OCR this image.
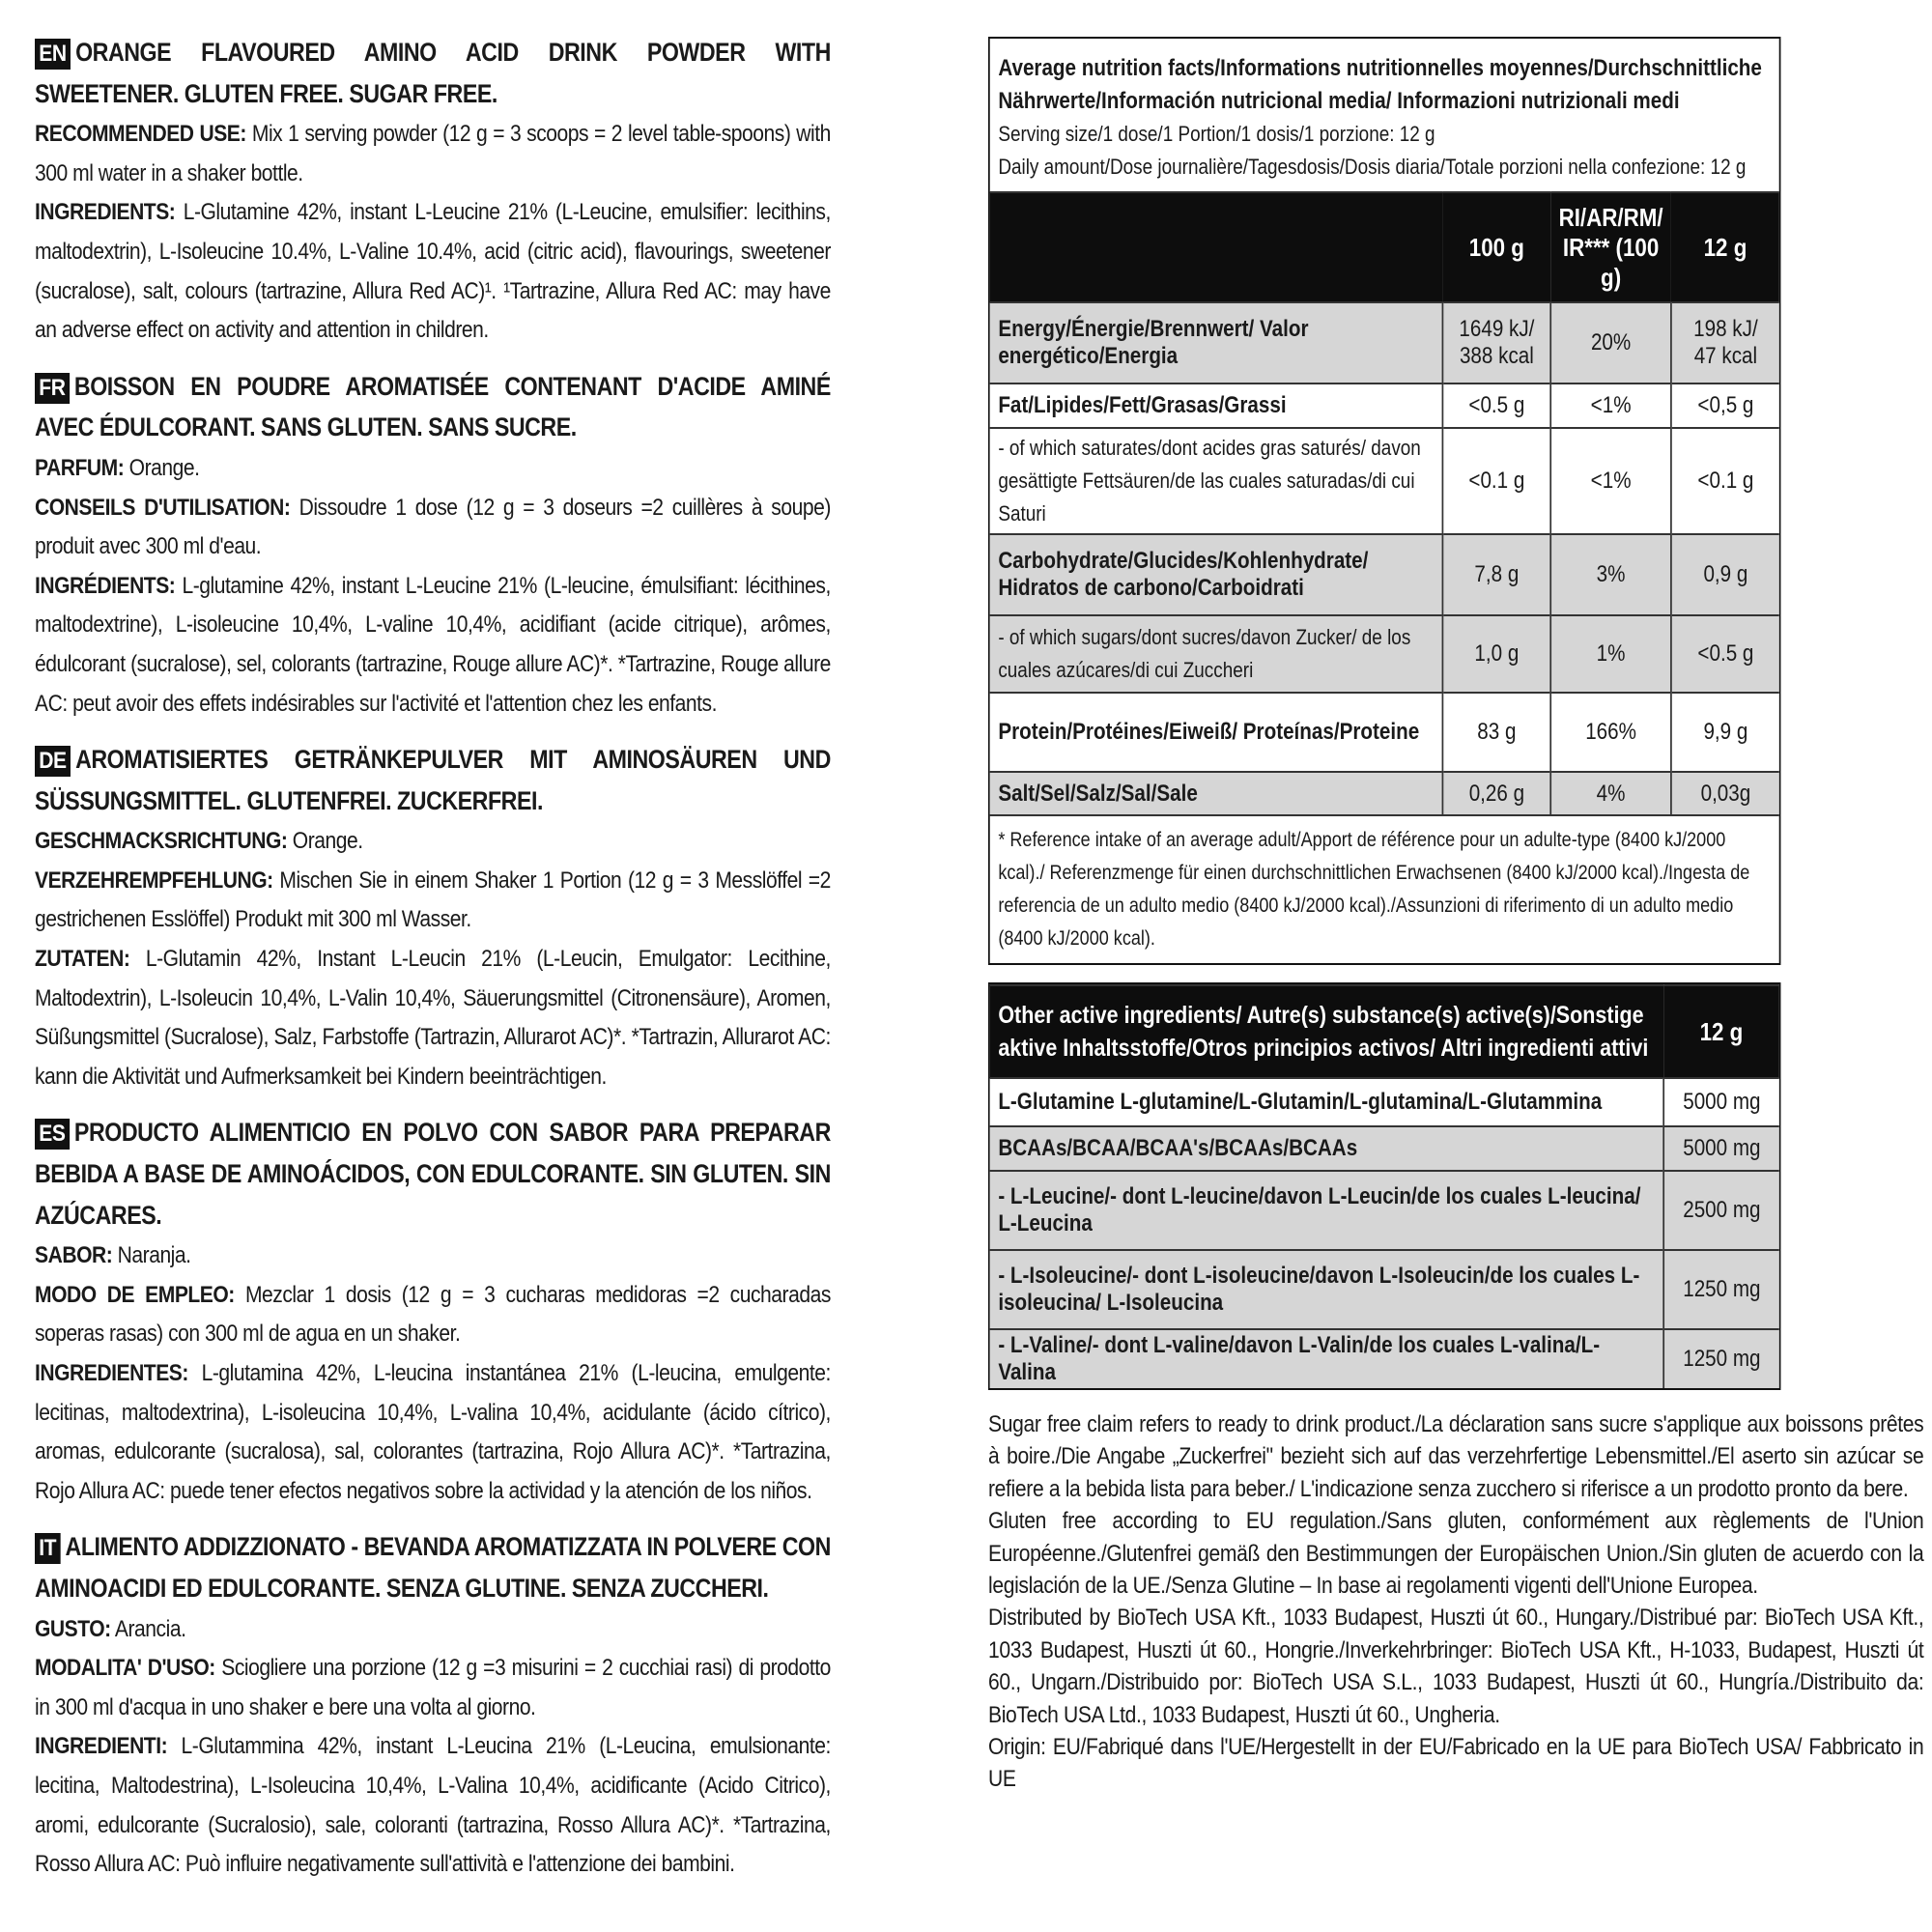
EN ORANGE FLAVOURED AMINO ACID DRINK POWDER WITH SWEETENER. GLUTEN FREE. SUGAR FREE.

RECOMMENDED USE: Mix 1 serving powder (12 g = 3 scoops = 2 level table-spoons) with 300 ml water in a shaker bottle.

INGREDIENTS: L-Glutamine 42%, instant L-Leucine 21% (L-Leucine, emulsifier: lecithins, maltodextrin), L-Isoleucine 10.4%, L-Valine 10.4%, acid (citric acid), flavourings, sweetener (sucralose), salt, colours (tartrazine, Allura Red AC)¹. ¹Tartrazine, Allura Red AC: may have an adverse effect on activity and attention in children.

FR BOISSON EN POUDRE AROMATISÉE CONTENANT D'ACIDE AMINÉ AVEC ÉDULCORANT. SANS GLUTEN. SANS SUCRE.

PARFUM: Orange.

CONSEILS D'UTILISATION: Dissoudre 1 dose (12 g = 3 doseurs =2 cuillères à soupe) produit avec 300 ml d'eau.

INGRÉDIENTS: L-glutamine 42%, instant L-Leucine 21% (L-leucine, émulsifiant: lécithines, maltodextrine), L-isoleucine 10,4%, L-valine 10,4%, acidifiant (acide citrique), arômes, édulcorant (sucralose), sel, colorants (tartrazine, Rouge allure AC)*. *Tartrazine, Rouge allure AC: peut avoir des effets indésirables sur l'activité et l'attention chez les enfants.

DE AROMATISIERTES GETRÄNKEPULVER MIT AMINOSÄUREN UND SÜSSUNGSMITTEL. GLUTENFREI. ZUCKERFREI.

GESCHMACKSRICHTUNG: Orange.

VERZEHREMPFEHLUNG: Mischen Sie in einem Shaker 1 Portion (12 g = 3 Messlöffel =2 gestrichenen Esslöffel) Produkt mit 300 ml Wasser.

ZUTATEN: L-Glutamin 42%, Instant L-Leucin 21% (L-Leucin, Emulgator: Lecithine, Maltodextrin), L-Isoleucin 10,4%, L-Valin 10,4%, Säuerungsmittel (Citronensäure), Aromen, Süßungsmittel (Sucralose), Salz, Farbstoffe (Tartrazin, Allurarot AC)*. *Tartrazin, Allurarot AC: kann die Aktivität und Aufmerksamkeit bei Kindern beeinträchtigen.

ES PRODUCTO ALIMENTICIO EN POLVO CON SABOR PARA PREPARAR BEBIDA A BASE DE AMINOÁCIDOS, CON EDULCORANTE. SIN GLUTEN. SIN AZÚCARES.

SABOR: Naranja.

MODO DE EMPLEO: Mezclar 1 dosis (12 g = 3 cucharas medidoras =2 cucharadas soperas rasas) con 300 ml de agua en un shaker.

INGREDIENTES: L-glutamina 42%, L-leucina instantánea 21% (L-leucina, emulgente: lecitinas, maltodextrina), L-isoleucina 10,4%, L-valina 10,4%, acidulante (ácido cítrico), aromas, edulcorante (sucralosa), sal, colorantes (tartrazina, Rojo Allura AC)*. *Tartrazina, Rojo Allura AC: puede tener efectos negativos sobre la actividad y la atención de los niños.

IT ALIMENTO ADDIZZIONATO - BEVANDA AROMATIZZATA IN POLVERE CON AMINOACIDI ED EDULCORANTE. SENZA GLUTINE. SENZA ZUCCHERI.

GUSTO: Arancia.

MODALITA' D'USO: Sciogliere una porzione (12 g =3 misurini = 2 cucchiai rasi) di prodotto in 300 ml d'acqua in uno shaker e bere una volta al giorno.

INGREDIENTI: L-Glutammina 42%, instant L-Leucina 21% (L-Leucina, emulsionante: lecitina, Maltodestrina), L-Isoleucina 10,4%, L-Valina 10,4%, acidificante (Acido Citrico), aromi, edulcorante (Sucralosio), sale, coloranti (tartrazina, Rosso Allura AC)*. *Tartrazina, Rosso Allura AC: Può influire negativamente sull'attività e l'attenzione dei bambini.

Average nutrition facts/Informations nutritionnelles moyennes/Durchschnittliche Nährwerte/Información nutricional media/ Informazioni nutrizionali medi
Serving size/1 dose/1 Portion/1 dosis/1 porzione: 12 g
Daily amount/Dose journalière/Tagesdosis/Dosis diaria/Totale porzioni nella confezione: 12 g
	100 g	RI/AR/RM/ IR*** (100 g)	12 g
Energy/Énergie/Brennwert/ Valor energético/Energia	1649 kJ/ 388 kcal	20%	198 kJ/ 47 kcal
Fat/Lipides/Fett/Grasas/Grassi	<0.5 g	<1%	<0,5 g
- of which saturates/dont acides gras saturés/ davon gesättigte Fettsäuren/de las cuales saturadas/di cui Saturi	<0.1 g	<1%	<0.1 g
Carbohydrate/Glucides/Kohlenhydrate/ Hidratos de carbono/Carboidrati	7,8 g	3%	0,9 g
- of which sugars/dont sucres/davon Zucker/ de los cuales azúcares/di cui Zuccheri	1,0 g	1%	<0.5 g
Protein/Protéines/Eiweiß/ Proteínas/Proteine	83 g	166%	9,9 g
Salt/Sel/Salz/Sal/Sale	0,26 g	4%	0,03g
* Reference intake of an average adult/Apport de référence pour un adulte-type (8400 kJ/2000 kcal)./ Referenzmenge für einen durchschnittlichen Erwachsenen (8400 kJ/2000 kcal)./Ingesta de referencia de un adulto medio (8400 kJ/2000 kcal)./Assunzioni di riferimento di un adulto medio (8400 kJ/2000 kcal).
Other active ingredients/ Autre(s) substance(s) active(s)/Sonstige aktive Inhaltsstoffe/Otros principios activos/ Altri ingredienti attivi	12 g
L-Glutamine L-glutamine/L-Glutamin/L-glutamina/L-Glutammina	5000 mg
BCAAs/BCAA/BCAA's/BCAAs/BCAAs	5000 mg
- L-Leucine/- dont L-leucine/davon L-Leucin/de los cuales L-leucina/ L-Leucina	2500 mg
- L-Isoleucine/- dont L-isoleucine/davon L-Isoleucin/de los cuales L-isoleucina/ L-Isoleucina	1250 mg
- L-Valine/- dont L-valine/davon L-Valin/de los cuales L-valina/L-Valina	1250 mg

Sugar free claim refers to ready to drink product./La déclaration sans sucre s'applique aux boissons prêtes à boire./Die Angabe „Zuckerfrei" bezieht sich auf das verzehrfertige Lebensmittel./El aserto sin azúcar se refiere a la bebida lista para beber./ L'indicazione senza zucchero si riferisce a un prodotto pronto da bere.

Gluten free according to EU regulation./Sans gluten, conformément aux règlements de l'Union Européenne./Glutenfrei gemäß den Bestimmungen der Europäischen Union./Sin gluten de acuerdo con la legislación de la UE./Senza Glutine – In base ai regolamenti vigenti dell'Unione Europea.

Distributed by BioTech USA Kft., 1033 Budapest, Huszti út 60., Hungary./Distribué par: BioTech USA Kft., 1033 Budapest, Huszti út 60., Hongrie./Inverkehrbringer: BioTech USA Kft., H-1033, Budapest, Huszti út 60., Ungarn./Distribuido por: BioTech USA S.L., 1033 Budapest, Huszti út 60., Hungría./Distribuito da: BioTech USA Ltd., 1033 Budapest, Huszti út 60., Ungheria.

Origin: EU/Fabriqué dans l'UE/Hergestellt in der EU/Fabricado en la UE para BioTech USA/ Fabbricato in UE
